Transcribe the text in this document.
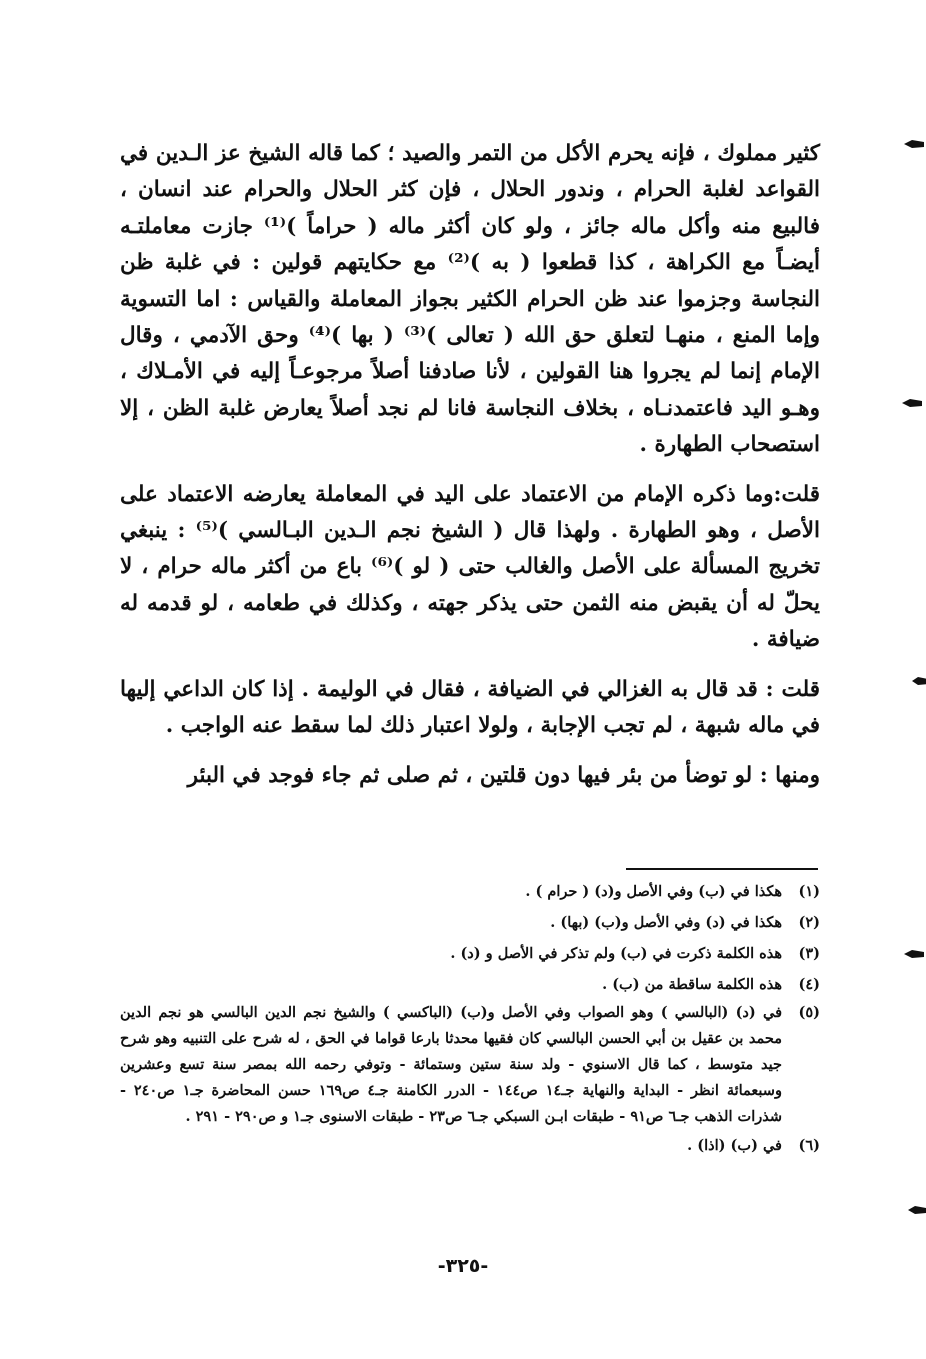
كثير مملوك ، فإنه يحرم الأكل من التمر والصيد ؛ كما قاله الشيخ عز الـدين في القواعد لغلبة الحرام ، وندور الحلال ، فإن كثر الحلال والحرام عند انسان ، فالبيع منه وأكل ماله جائز ، ولو كان أكثر ماله ( حراماً )⁽¹⁾ جازت معاملتـه أيضـاً مع الكراهة ، كذا قطعوا ( به )⁽²⁾ مع حكايتهم قولين : في غلبة ظن النجاسة وجزموا عند ظن الحرام الكثير بجواز المعاملة والقياس : اما التسوية وإما المنع ، منهـا لتعلق حق الله ( تعالى )⁽³⁾ ( بها )⁽⁴⁾ وحق الآدمي ، وقال الإمام إنما لم يجروا هنا القولين ، لأنا صادفنا أصلاً مرجوعـاً إليه في الأمـلاك ، وهـو اليد فاعتمدنـاه ، بخلاف النجاسة فانا لم نجد أصلاً يعارض غلبة الظن ، إلا استصحاب الطهارة .

قلت:وما ذكره الإمام من الاعتماد على اليد في المعاملة يعارضه الاعتماد على الأصل ، وهو الطهارة . ولهذا قال ( الشيخ نجم الـدين البـالسي )⁽⁵⁾ : ينبغي تخريج المسألة على الأصل والغالب حتى ( لو )⁽⁶⁾ باع من أكثر ماله حرام ، لا يحلّ له أن يقبض منه الثمن حتى يذكر جهته ، وكذلك في طعامه ، لو قدمه له ضيافة .

قلت : قد قال به الغزالي في الضيافة ، فقال في الوليمة . إذا كان الداعي إليها في ماله شبهة ، لم تجب الإجابة ، ولولا اعتبار ذلك لما سقط عنه الواجب .

ومنها : لو توضأ من بئر فيها دون قلتين ، ثم صلى ثم جاء فوجد في البئر

(١)
هكذا في (ب) وفي الأصل و(د) ( حرام ) .
(٢)
هكذا في (د) وفي الأصل و(ب) (بها) .
(٣)
هذه الكلمة ذكرت في (ب) ولم تذكر في الأصل و (د) .
(٤)
هذه الكلمة ساقطة من (ب) .
(٥)
في (د) (البالسي ) وهو الصواب وفي الأصل و(ب) (الباكسي ) والشيخ نجم الدين البالسي هو نجم الدين محمد بن عقيل بن أبي الحسن البالسي كان فقيها محدثا بارعا قواما في الحق ، له شرح على التنبيه وهو شرح جيد متوسط ، كما قال الاسنوي - ولد سنة ستين وستمائة - وتوفي رحمه الله بمصر سنة تسع وعشرين وسبعمائة انظر - البداية والنهاية جـ١٤ ص١٤٤ - الدرر الكامنة جـ٤ ص١٦٩ حسن المحاضرة جـ١ ص٢٤٠ - شذرات الذهب جـ٦ ص٩١ - طبقات ابـن السبكي جـ٦ ص٢٣ - طبقات الاسنوى جـ١ و ص٢٩٠ - ٢٩١ .
(٦)
في (ب) (اذا) .
-٣٢٥-
